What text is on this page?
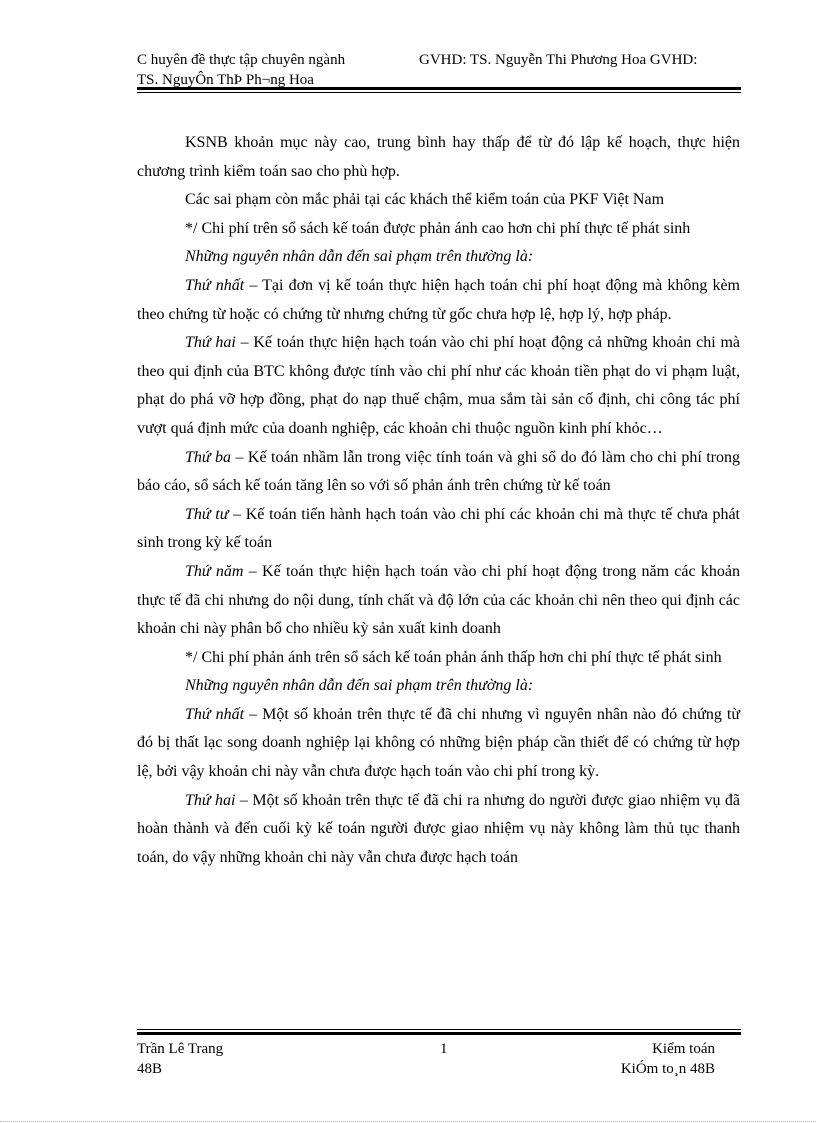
C huyên đề thực tập chuyên ngành	GVHD: TS. Nguyễn Thi Phương Hoa GVHD:
TS. NguyÔn ThÞ Ph¬ng Hoa

KSNB khoản mục này cao, trung bình hay thấp để từ đó lập kế hoạch, thực hiện chương trình kiểm toán sao cho phù hợp.

Các sai phạm còn mắc phải tại các khách thể kiểm toán của PKF Việt Nam

*/ Chi phí trên sổ sách kế toán được phản ánh cao hơn chi phí thực tế phát sinh

Những nguyên nhân dẫn đến sai phạm trên thường là:

Thứ nhất – Tại đơn vị kế toán thực hiện hạch toán chi phí hoạt động mà không kèm theo chứng từ hoặc có chứng từ nhưng chứng từ gốc chưa hợp lệ, hợp lý, hợp pháp.

Thứ hai – Kế toán thực hiện hạch toán vào chi phí hoạt động cả những khoản chi mà theo qui định của BTC không được tính vào chi phí như các khoản tiền phạt do vi phạm luật, phạt do phá vỡ hợp đồng, phạt do nạp thuế chậm, mua sắm tài sản cố định, chi công tác phí vượt quá định mức của doanh nghiệp, các khoản chi thuộc nguồn kinh phí khỏc…

Thứ ba – Kế toán nhầm lẫn trong việc tính toán và ghi sổ do đó làm cho chi phí trong báo cáo, sổ sách kế toán tăng lên so với số phản ánh trên chứng từ kế toán

Thứ tư – Kế toán tiến hành hạch toán vào chi phí các khoản chi mà thực tế chưa phát sinh trong kỳ kế toán

Thứ năm – Kế toán thực hiện hạch toán vào chi phí hoạt động trong năm các khoản thực tế đã chi nhưng do nội dung, tính chất và độ lớn của các khoản chi nên theo qui định các khoản chi này phân bổ cho nhiều kỳ sản xuất kinh doanh

*/ Chi phí phản ánh trên sổ sách kế toán phản ánh thấp hơn chi phí thực tế phát sinh

Những nguyên nhân dẫn đến sai phạm trên thường là:

Thứ nhất – Một số khoản trên thực tế đã chi nhưng vì nguyên nhân nào đó chứng từ đó bị thất lạc song doanh nghiệp lại không có những biện pháp cần thiết để có chứng từ hợp lệ, bởi vậy khoản chi này vẫn chưa được hạch toán vào chi phí trong kỳ.

Thứ hai – Một số khoản trên thực tế đã chi ra nhưng do người được giao nhiệm vụ đã hoàn thành và đến cuối kỳ kế toán người được giao nhiệm vụ này không làm thủ tục thanh toán, do vậy những khoản chi này vẫn chưa được hạch toán

Trần Lê Trang
48B
1	Kiểm toán
KiÓm to¸n 48B
